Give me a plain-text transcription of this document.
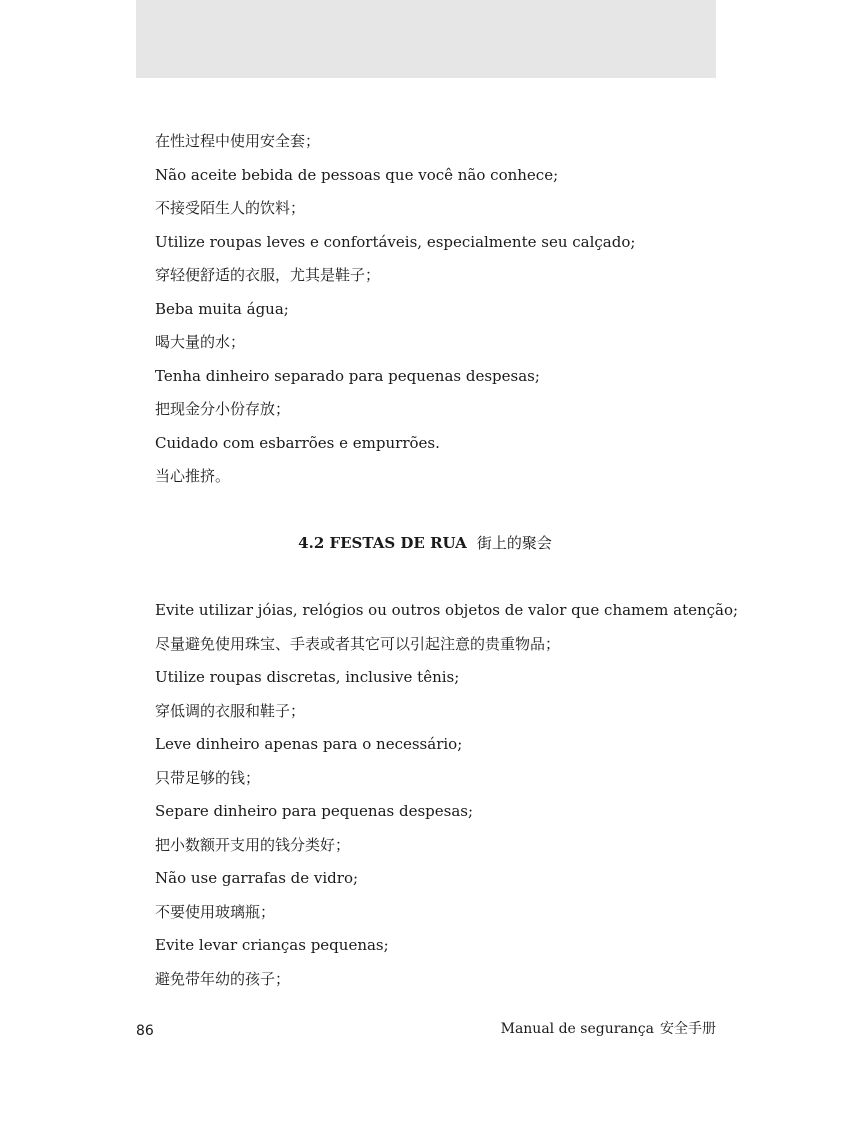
在性过程中使用安全套；
Não aceite bebida de pessoas que você não conhece;
不接受陌生人的饮料；
Utilize roupas leves e confortáveis, especialmente seu calçado;
穿轻便舒适的衣服，尤其是鞋子；
Beba muita água;
喝大量的水；
Tenha dinheiro separado para pequenas despesas;
把现金分小份存放；
Cuidado com esbarrões e empurrões.
当心推挤。
4.2 FESTAS DE RUA 街上的聚会
Evite utilizar jóias, relógios ou outros objetos de valor que chamem atenção;
尽量避免使用珠宝、手表或者其它可以引起注意的贵重物品；
Utilize roupas discretas, inclusive tênis;
穿低调的衣服和鞋子；
Leve dinheiro apenas para o necessário;
只带足够的钱；
Separe dinheiro para pequenas despesas;
把小数额开支用的钱分类好；
Não use garrafas de vidro;
不要使用玻璃瓶；
Evite levar crianças pequenas;
避免带年幼的孩子；
86	Manual de segurança 安全手册
